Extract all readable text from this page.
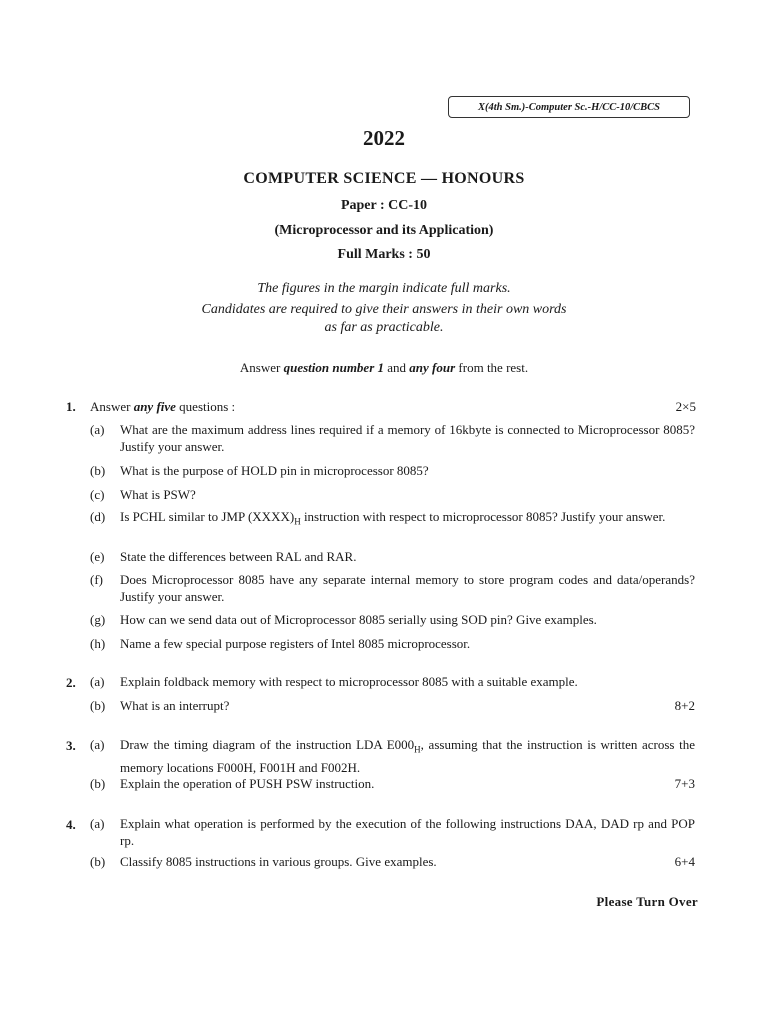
X(4th Sm.)-Computer Sc.-H/CC-10/CBCS
2022
COMPUTER SCIENCE — HONOURS
Paper : CC-10
(Microprocessor and its Application)
Full Marks : 50
The figures in the margin indicate full marks.
Candidates are required to give their answers in their own words
as far as practicable.
Answer question number 1 and any four from the rest.
1. Answer any five questions :	2×5
(a)	What are the maximum address lines required if a memory of 16kbyte is connected to Microprocessor 8085? Justify your answer.
(b)	What is the purpose of HOLD pin in microprocessor 8085?
(c)	What is PSW?
(d)	Is PCHL similar to JMP $(XXXX)_H$ instruction with respect to microprocessor 8085? Justify your answer.
(e)	State the differences between RAL and RAR.
(f)	Does Microprocessor 8085 have any separate internal memory to store program codes and data/operands? Justify your answer.
(g)	How can we send data out of Microprocessor 8085 serially using SOD pin? Give examples.
(h)	Name a few special purpose registers of Intel 8085 microprocessor.
2. (a)	Explain foldback memory with respect to microprocessor 8085 with a suitable example.
(b)	What is an interrupt?	8+2
3. (a)	Draw the timing diagram of the instruction LDA $E000_H$, assuming that the instruction is written across the memory locations F000H, F001H and F002H.
(b)	Explain the operation of PUSH PSW instruction.	7+3
4. (a)	Explain what operation is performed by the execution of the following instructions DAA, DAD rp and POP rp.
(b)	Classify 8085 instructions in various groups. Give examples.	6+4
Please Turn Over
